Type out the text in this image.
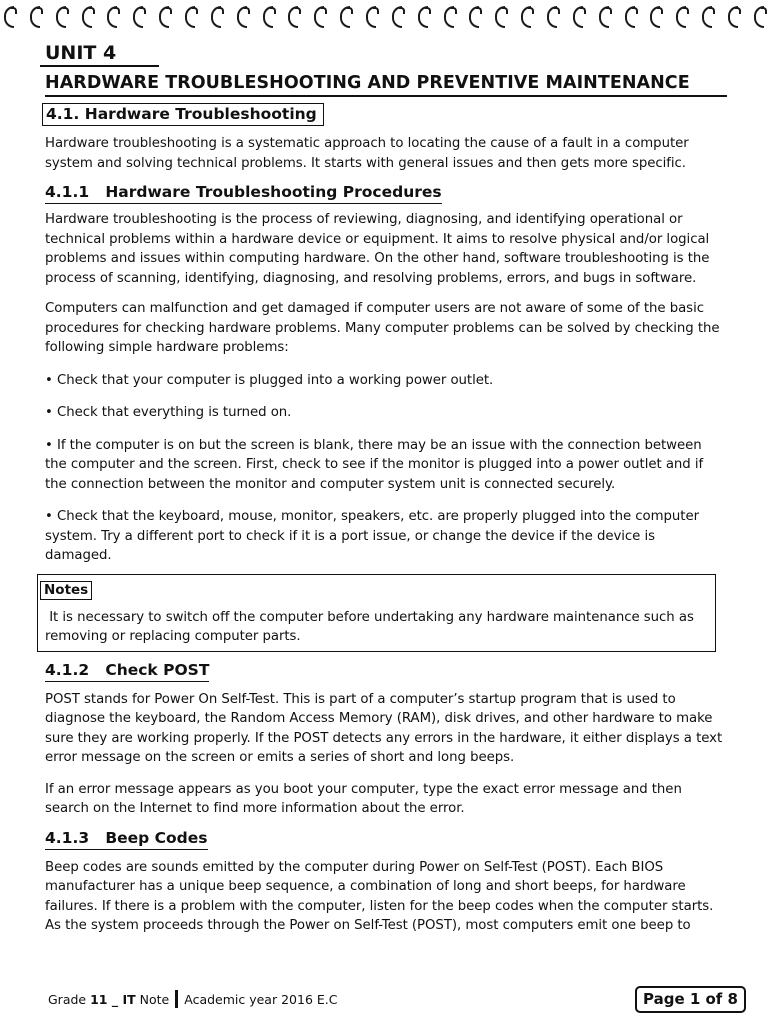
UNIT 4
HARDWARE TROUBLESHOOTING AND PREVENTIVE MAINTENANCE
4.1. Hardware Troubleshooting

Hardware troubleshooting is a systematic approach to locating the cause of a fault in a computer system and solving technical problems. It starts with general issues and then gets more specific.

4.1.1   Hardware Troubleshooting Procedures

Hardware troubleshooting is the process of reviewing, diagnosing, and identifying operational or technical problems within a hardware device or equipment. It aims to resolve physical and/or logical problems and issues within computing hardware. On the other hand, software troubleshooting is the process of scanning, identifying, diagnosing, and resolving problems, errors, and bugs in software.

Computers can malfunction and get damaged if computer users are not aware of some of the basic procedures for checking hardware problems. Many computer problems can be solved by checking the following simple hardware problems:

• Check that your computer is plugged into a working power outlet.

• Check that everything is turned on.

• If the computer is on but the screen is blank, there may be an issue with the connection between the computer and the screen. First, check to see if the monitor is plugged into a power outlet and if the connection between the monitor and computer system unit is connected securely.

• Check that the keyboard, mouse, monitor, speakers, etc. are properly plugged into the computer system. Try a different port to check if it is a port issue, or change the device if the device is damaged.

Notes

It is necessary to switch off the computer before undertaking any hardware maintenance such as removing or replacing computer parts.

4.1.2   Check POST

POST stands for Power On Self-Test. This is part of a computer’s startup program that is used to diagnose the keyboard, the Random Access Memory (RAM), disk drives, and other hardware to make sure they are working properly. If the POST detects any errors in the hardware, it either displays a text error message on the screen or emits a series of short and long beeps.

If an error message appears as you boot your computer, type the exact error message and then search on the Internet to find more information about the error.

4.1.3   Beep Codes

Beep codes are sounds emitted by the computer during Power on Self-Test (POST). Each BIOS manufacturer has a unique beep sequence, a combination of long and short beeps, for hardware failures. If there is a problem with the computer, listen for the beep codes when the computer starts. As the system proceeds through the Power on Self-Test (POST), most computers emit one beep to

Grade 11 _ IT Note Academic year 2016 E.C	Page 1 of 8
